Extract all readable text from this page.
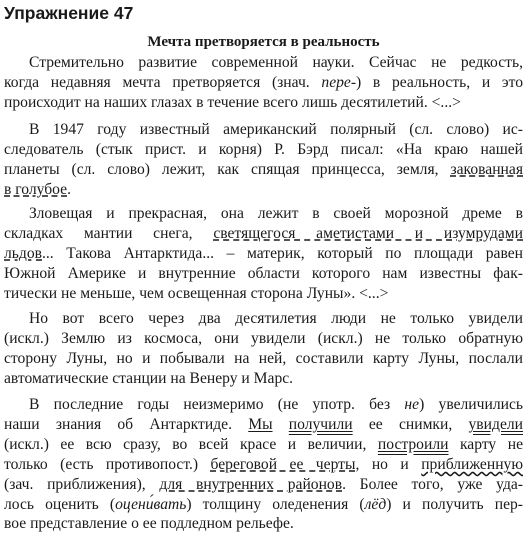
Упражнение 47
Мечта претворяется в реальность
Стремительно развитие современной науки. Сейчас не редкость,
когда недавняя мечта претворяется (знач. пере-) в реальность, и это
происходит на наших глазах в течение всего лишь десятилетий. <...>
В 1947 году известный американский полярный (сл. слово) ис-
следователь (стык прист. и корня) Р. Бэрд писал: «На краю нашей
планеты (сл. слово) лежит, как спящая принцесса, земля, закованная
в голубое.
Зловещая и прекрасная, она лежит в своей морозной дреме в
складках мантии снега, светящегося аметистами и изумрудами
льдов... Такова Антарктида... – материк, который по площади равен
Южной Америке и внутренние области которого нам известны фак-
тически не меньше, чем освещенная сторона Луны». <...>
Но вот всего через два десятилетия люди не только увидели
(искл.) Землю из космоса, они увидели (искл.) не только обратную
сторону Луны, но и побывали на ней, составили карту Луны, послали
автоматические станции на Венеру и Марс.
В последние годы неизмеримо (не употр. без не) увеличились
наши знания об Антарктиде. Мы получили ее снимки, увидели
(искл.) ее всю сразу, во всей красе и величии, построили карту не
только (есть противопост.) береговой ее черты, но и приближенную
(зач. приближения), для внутренних районов. Более того, уже уда-
лось оценить (оцени́вать) толщину оледенения (лёд) и получить пер-
вое представление о ее подледном рельефе.
